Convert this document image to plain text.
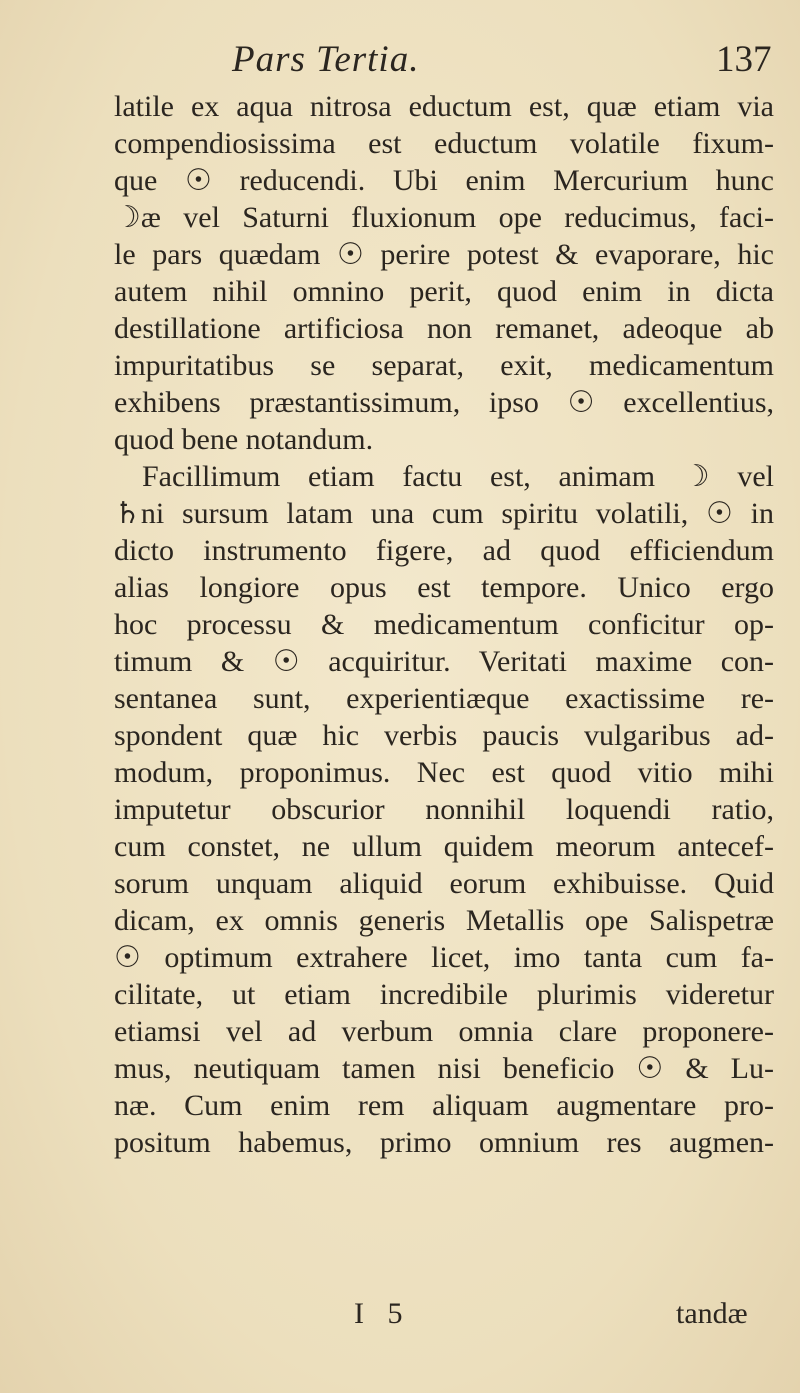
Pars Tertia.	137
latile ex aqua nitrosa eductum est, quæ etiam via
compendiosissima est eductum volatile fixum-
que ☉ reducendi. Ubi enim Mercurium hunc
☽æ vel Saturni fluxionum ope reducimus, faci-
le pars quædam ☉ perire potest & evaporare, hic
autem nihil omnino perit, quod enim in dicta
destillatione artificiosa non remanet, adeoque ab
impuritatibus se separat, exit, medicamentum
exhibens præstantissimum, ipso ☉ excellentius,
quod bene notandum.
Facillimum etiam factu est, animam ☽ vel
♄ni sursum latam una cum spiritu volatili, ☉ in
dicto instrumento figere, ad quod efficiendum
alias longiore opus est tempore. Unico ergo
hoc processu & medicamentum conficitur op-
timum & ☉ acquiritur. Veritati maxime con-
sentanea sunt, experientiæque exactissime re-
spondent quæ hic verbis paucis vulgaribus ad-
modum, proponimus. Nec est quod vitio mihi
imputetur obscurior nonnihil loquendi ratio,
cum constet, ne ullum quidem meorum antecef-
sorum unquam aliquid eorum exhibuisse. Quid
dicam, ex omnis generis Metallis ope Salispetræ
☉ optimum extrahere licet, imo tanta cum fa-
cilitate, ut etiam incredibile plurimis videretur
etiamsi vel ad verbum omnia clare proponere-
mus, neutiquam tamen nisi beneficio ☉ & Lu-
næ. Cum enim rem aliquam augmentare pro-
positum habemus, primo omnium res augmen-
I 5	tandæ
